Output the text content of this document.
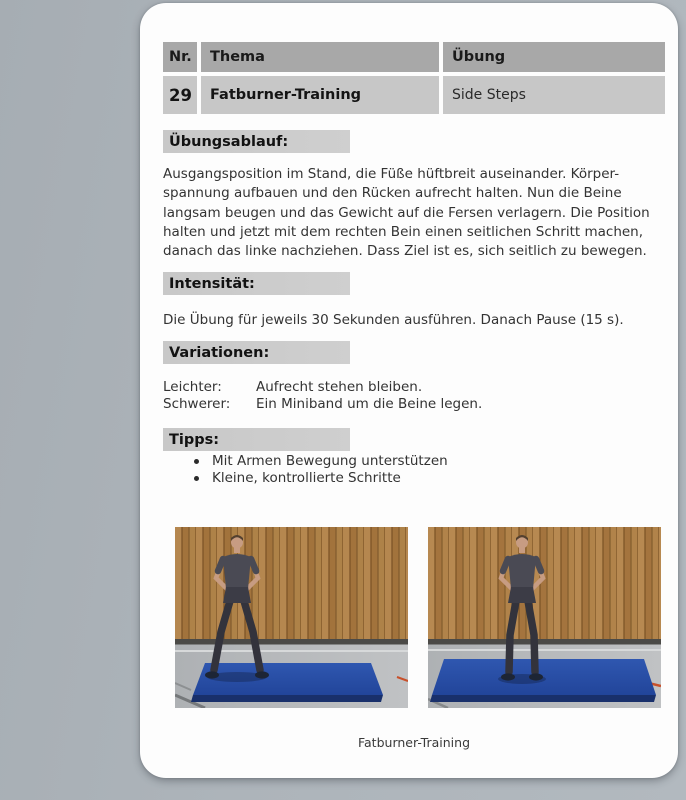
Nr.	Thema	Übung
29	Fatburner-Training	Side Steps
Übungsablauf:
Ausgangsposition im Stand, die Füße hüftbreit auseinander. Körper-
spannung aufbauen und den Rücken aufrecht halten. Nun die Beine
langsam beugen und das Gewicht auf die Fersen verlagern. Die Position
halten und jetzt mit dem rechten Bein einen seitlichen Schritt machen,
danach das linke nachziehen. Dass Ziel ist es, sich seitlich zu bewegen.
Intensität:
Die Übung für jeweils 30 Sekunden ausführen. Danach Pause (15 s).
Variationen:
Leichter:	Aufrecht stehen bleiben.
Schwerer:	Ein Miniband um die Beine legen.
Tipps:
Mit Armen Bewegung unterstützen
Kleine, kontrollierte Schritte
Fatburner-Training
